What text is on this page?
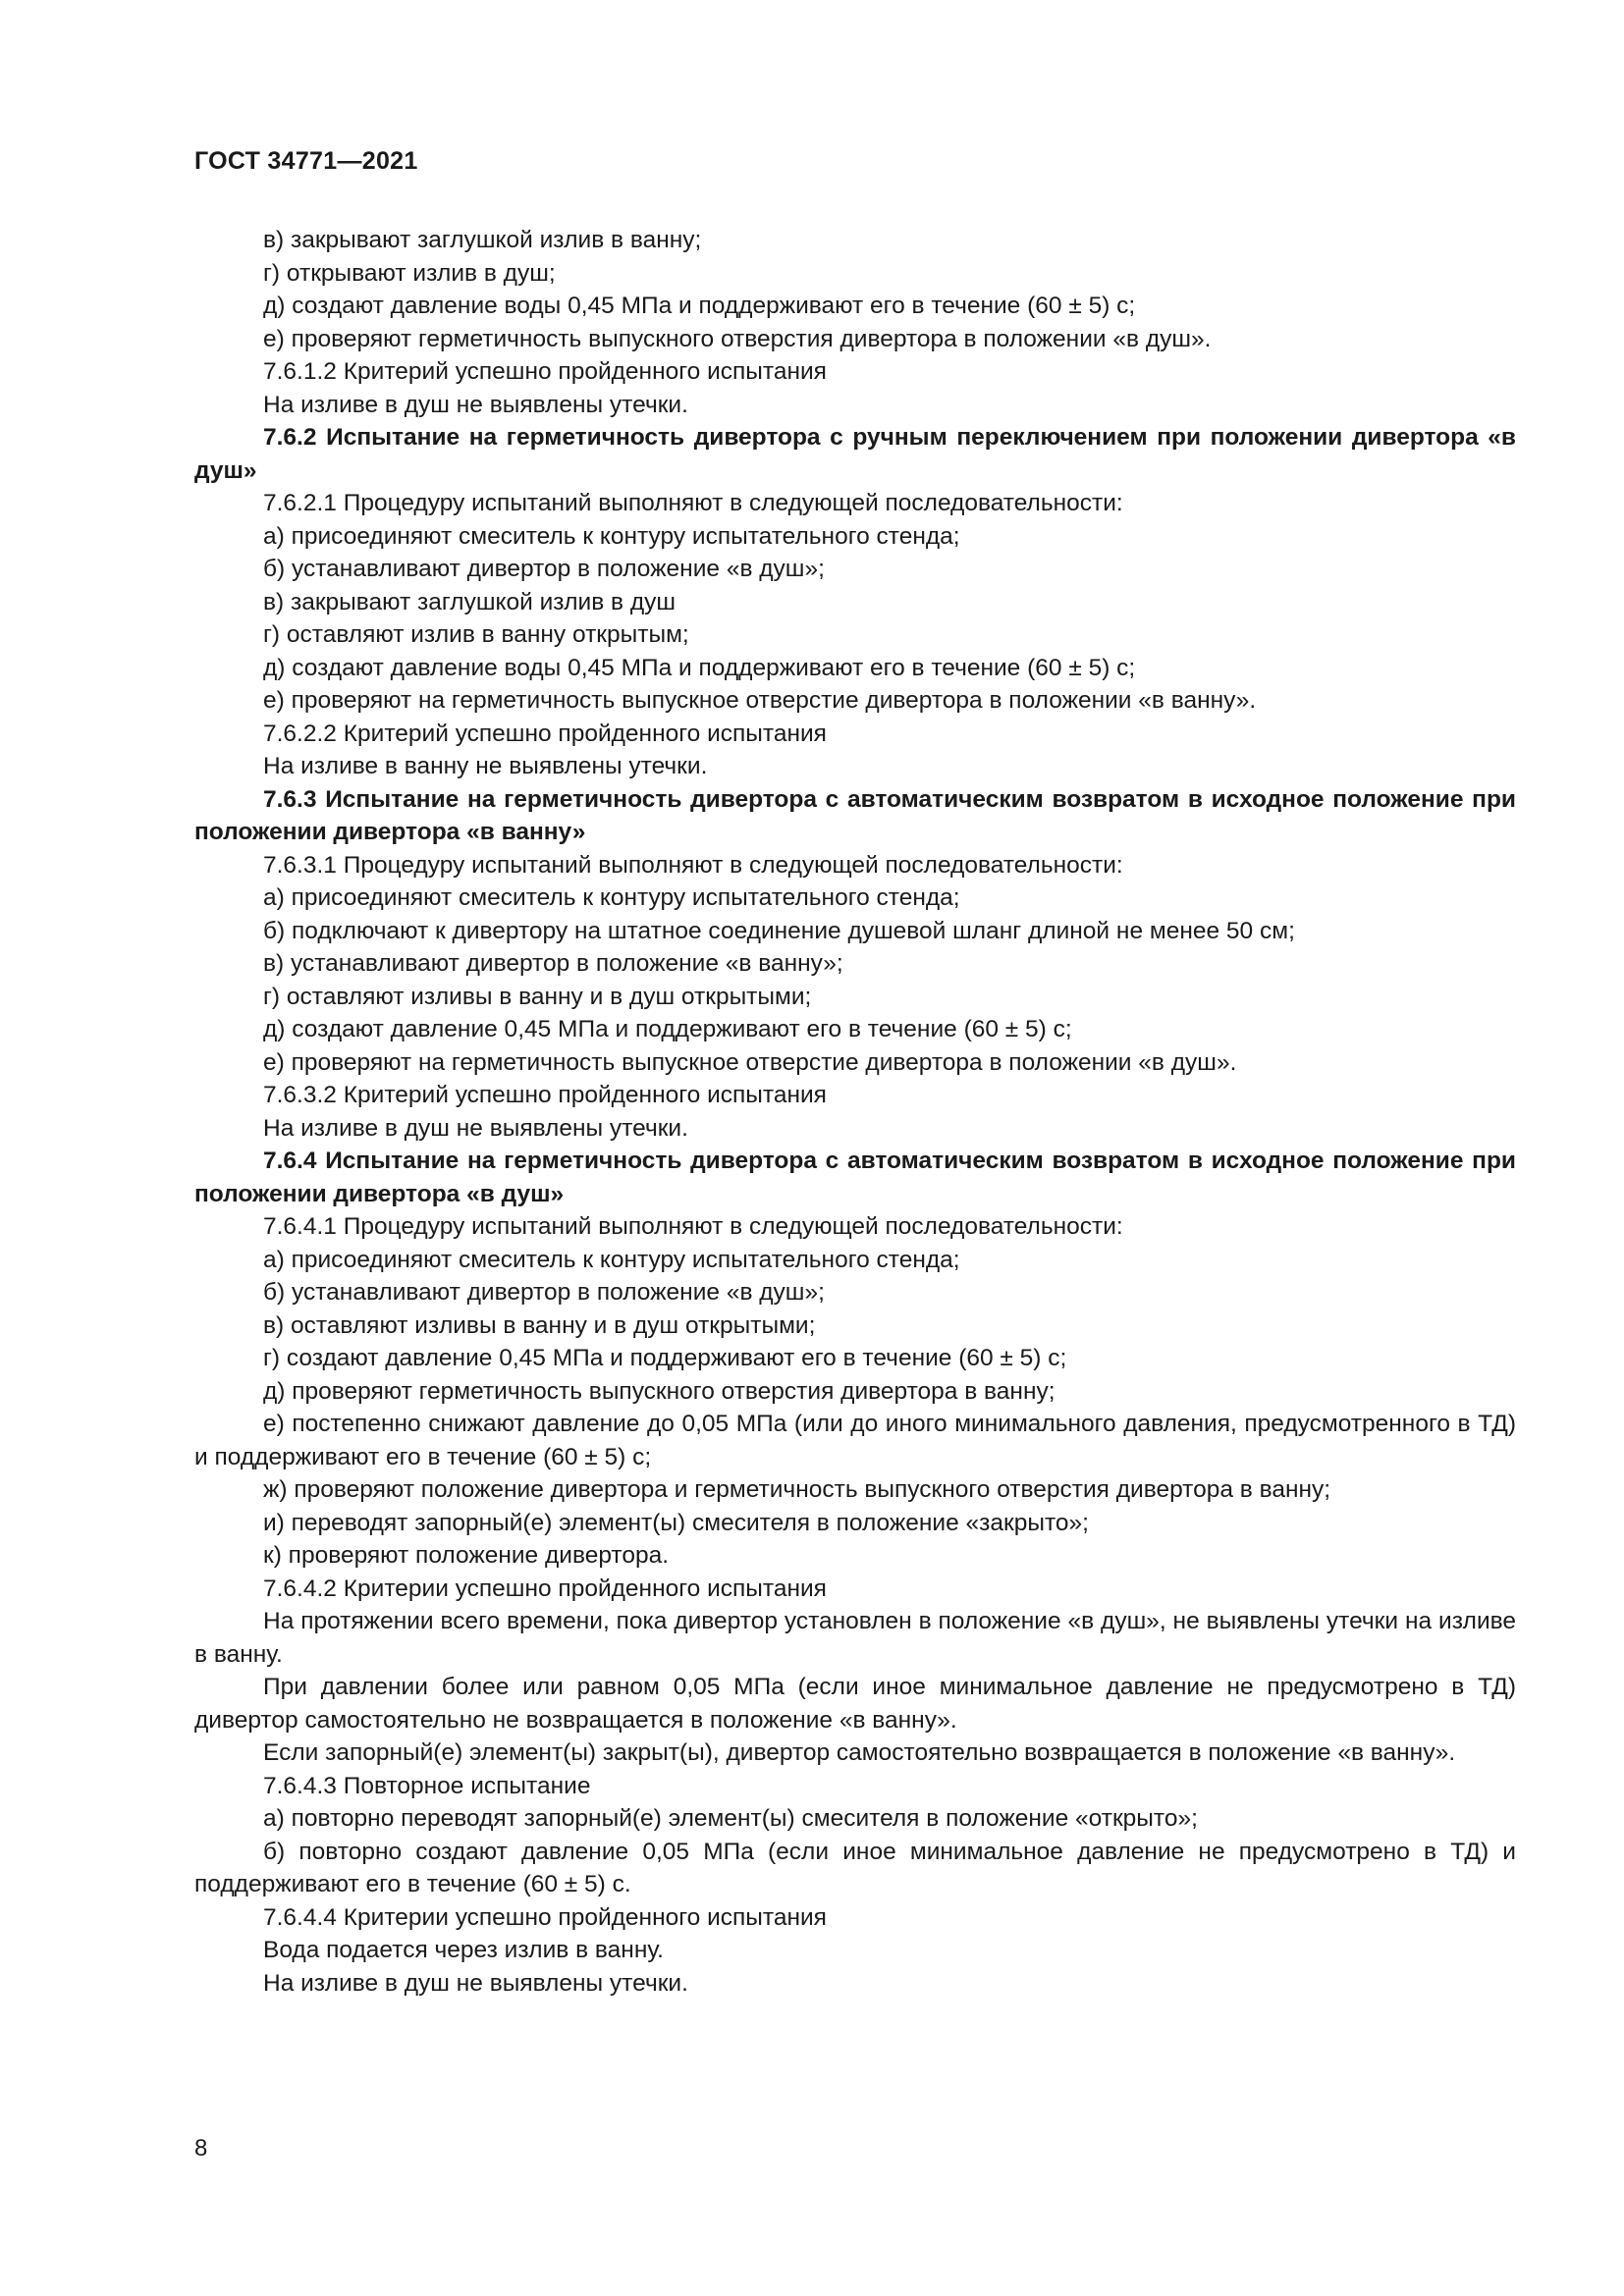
ГОСТ 34771—2021

в) закрывают заглушкой излив в ванну;

г) открывают излив в душ;

д) создают давление воды 0,45 МПа и поддерживают его в течение (60 ± 5) с;

е) проверяют герметичность выпускного отверстия дивертора в положении «в душ».

7.6.1.2 Критерий успешно пройденного испытания

На изливе в душ не выявлены утечки.

7.6.2 Испытание на герметичность дивертора с ручным переключением при положении дивертора «в душ»

7.6.2.1 Процедуру испытаний выполняют в следующей последовательности:

а) присоединяют смеситель к контуру испытательного стенда;

б) устанавливают дивертор в положение «в душ»;

в) закрывают заглушкой излив в душ

г) оставляют излив в ванну открытым;

д) создают давление воды 0,45 МПа и поддерживают его в течение (60 ± 5) с;

е) проверяют на герметичность выпускное отверстие дивертора в положении «в ванну».

7.6.2.2 Критерий успешно пройденного испытания

На изливе в ванну не выявлены утечки.

7.6.3 Испытание на герметичность дивертора с автоматическим возвратом в исходное положение при положении дивертора «в ванну»

7.6.3.1 Процедуру испытаний выполняют в следующей последовательности:

а) присоединяют смеситель к контуру испытательного стенда;

б) подключают к дивертору на штатное соединение душевой шланг длиной не менее 50 см;

в) устанавливают дивертор в положение «в ванну»;

г) оставляют изливы в ванну и в душ открытыми;

д) создают давление 0,45 МПа и поддерживают его в течение (60 ± 5) с;

е) проверяют на герметичность выпускное отверстие дивертора в положении «в душ».

7.6.3.2 Критерий успешно пройденного испытания

На изливе в душ не выявлены утечки.

7.6.4 Испытание на герметичность дивертора с автоматическим возвратом в исходное положение при положении дивертора «в душ»

7.6.4.1 Процедуру испытаний выполняют в следующей последовательности:

а) присоединяют смеситель к контуру испытательного стенда;

б) устанавливают дивертор в положение «в душ»;

в) оставляют изливы в ванну и в душ открытыми;

г) создают давление 0,45 МПа и поддерживают его в течение (60 ± 5) с;

д) проверяют герметичность выпускного отверстия дивертора в ванну;

е) постепенно снижают давление до 0,05 МПа (или до иного минимального давления, предусмотренного в ТД) и поддерживают его в течение (60 ± 5) с;

ж) проверяют положение дивертора и герметичность выпускного отверстия дивертора в ванну;

и) переводят запорный(е) элемент(ы) смесителя в положение «закрыто»;

к) проверяют положение дивертора.

7.6.4.2 Критерии успешно пройденного испытания

На протяжении всего времени, пока дивертор установлен в положение «в душ», не выявлены утечки на изливе в ванну.

При давлении более или равном 0,05 МПа (если иное минимальное давление не предусмотрено в ТД) дивертор самостоятельно не возвращается в положение «в ванну».

Если запорный(е) элемент(ы) закрыт(ы), дивертор самостоятельно возвращается в положение «в ванну».

7.6.4.3 Повторное испытание

а) повторно переводят запорный(е) элемент(ы) смесителя в положение «открыто»;

б) повторно создают давление 0,05 МПа (если иное минимальное давление не предусмотрено в ТД) и поддерживают его в течение (60 ± 5) с.

7.6.4.4 Критерии успешно пройденного испытания

Вода подается через излив в ванну.

На изливе в душ не выявлены утечки.

8
